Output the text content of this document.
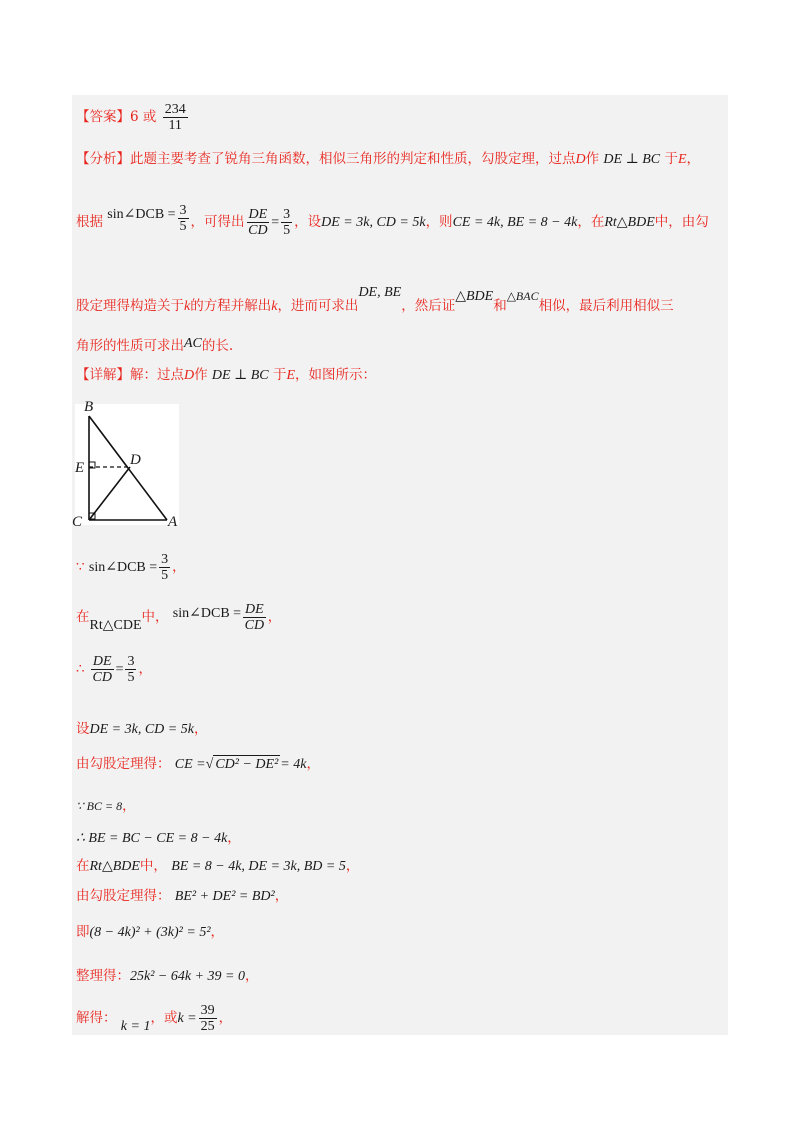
【答案】6 或 $\frac{234}{11}$
【分析】此题主要考查了锐角三角函数，相似三角形的判定和性质，勾股定理，过点D作 DE ⊥ BC 于E，
根据 sin∠DCB = $\frac{3}{5}$ ，可得出 $\frac{DE}{CD} = \frac{3}{5}$ ，设DE = 3k, CD = 5k，则CE = 4k, BE = 8 − 4k，在Rt△BDE中，由勾
股定理得构造关于k的方程并解出k，进而可求出DE, BE，然后证△BDE和△BAC相似，最后利用相似三
角形的性质可求出AC的长.
【详解】解：过点D作 DE ⊥ BC 于E，如图所示：
B
E	D
C	A
∵ sin∠DCB = $\frac{3}{5}$ ，
在Rt△CDE中， sin∠DCB = $\frac{DE}{CD}$ ，
∴ $\frac{DE}{CD} = \frac{3}{5}$ ，
设DE = 3k, CD = 5k，
由勾股定理得： CE =√ CD² − DE² = 4k，
∵ BC = 8，
∴ BE = BC − CE = 8 − 4k，
在Rt△BDE中， BE = 8 − 4k, DE = 3k, BD = 5，
由勾股定理得： BE² + DE² = BD²，
即(8 − 4k)² + (3k)² = 5²，
整理得：25k² − 64k + 39 = 0，
解得： k = 1，或$k = \frac{39}{25}$ ，
